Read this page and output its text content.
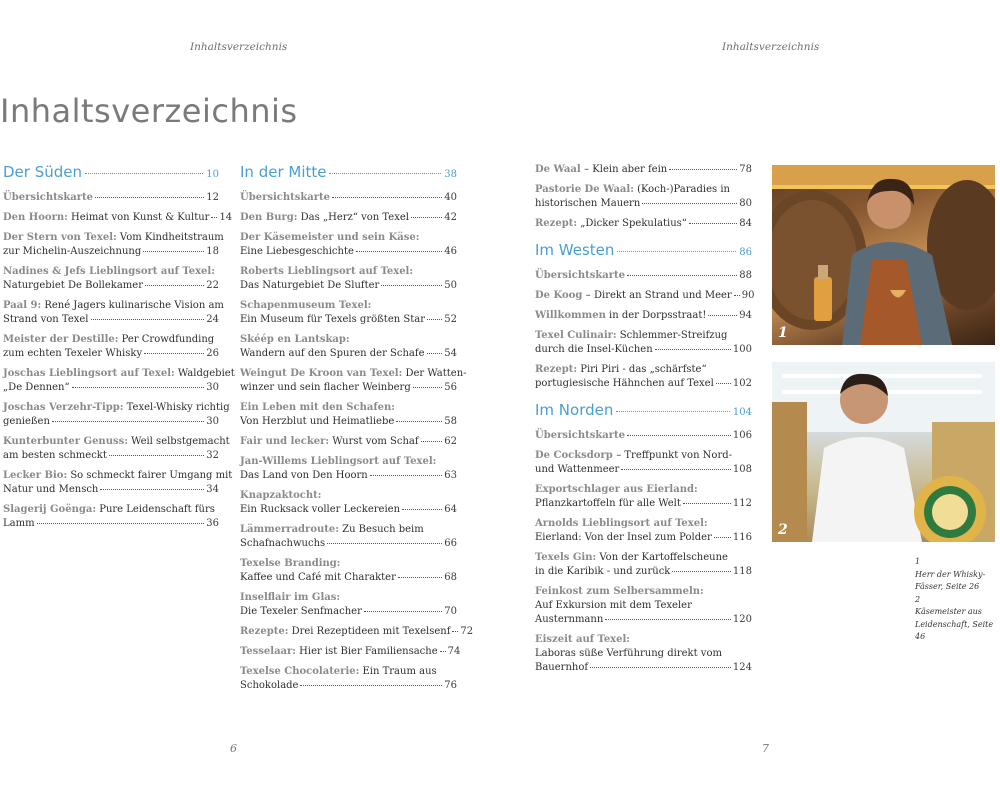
Inhaltsverzeichnis	Inhaltsverzeichnis
Inhaltsverzeichnis
Der Süden	10
Übersichtskarte	12
Den Hoorn: Heimat von Kunst & Kultur 14
Der Stern von Texel: Vom Kindheitstraum
zur Michelin-Auszeichnung	18
Nadines & Jefs Lieblingsort auf Texel:
Naturgebiet De Bollekamer	22
Paal 9: René Jagers kulinarische Vision am
Strand von Texel	24
Meister der Destille: Per Crowdfunding
zum echten Texeler Whisky	26
Joschas Lieblingsort auf Texel: Waldgebiet
„De Dennen“	30
Joschas Verzehr-Tipp: Texel-Whisky richtig
genießen	30
Kunterbunter Genuss: Weil selbstgemacht
am besten schmeckt	32
Lecker Bio: So schmeckt fairer Umgang mit
Natur und Mensch	34
Slagerij Goënga: Pure Leidenschaft fürs
Lamm	36
In der Mitte	38
Übersichtskarte	40
Den Burg: Das „Herz“ von Texel	42
Der Käsemeister und sein Käse:
Eine Liebesgeschichte	46
Roberts Lieblingsort auf Texel:
Das Naturgebiet De Slufter	50
Schapenmuseum Texel:
Ein Museum für Texels größten Star 52
Skéép en Lantskap:
Wandern auf den Spuren der Schafe 54
Weingut De Kroon van Texel: Der Watten-
winzer und sein flacher Weinberg	56
Ein Leben mit den Schafen:
Von Herzblut und Heimatliebe	58
Fair und lecker: Wurst vom Schaf	62
Jan-Willems Lieblingsort auf Texel:
Das Land von Den Hoorn	63
Knapzaktocht:
Ein Rucksack voller Leckereien	64
Lämmerradroute: Zu Besuch beim
Schafnachwuchs	66
Texelse Branding:
Kaffee und Café mit Charakter	68
Inselflair im Glas:
Die Texeler Senfmacher	70
Rezepte: Drei Rezeptideen mit Texelsenf 72
Tesselaar: Hier ist Bier Familiensache 74
Texelse Chocolaterie: Ein Traum aus
Schokolade	76
De Waal – Klein aber fein	78
Pastorie De Waal: (Koch-)Paradies in
historischen Mauern	80
Rezept: „Dicker Spekulatius“	84
Im Westen	86
Übersichtskarte	88
De Koog – Direkt an Strand und Meer 90
Willkommen in der Dorpsstraat!	94
Texel Culinair: Schlemmer-Streifzug
durch die Insel-Küchen	100
Rezept: Piri Piri - das „schärfste“
portugiesische Hähnchen auf Texel 102
Im Norden	104
Übersichtskarte	106
De Cocksdorp – Treffpunkt von Nord-
und Wattenmeer	108
Exportschlager aus Eierland:
Pflanzkartoffeln für alle Welt	112
Arnolds Lieblingsort auf Texel:
Eierland: Von der Insel zum Polder 116
Texels Gin: Von der Kartoffelscheune
in die Karibik - und zurück	118
Feinkost zum Selbersammeln:
Auf Exkursion mit dem Texeler
Austernmann	120
Eiszeit auf Texel:
Laboras süße Verführung direkt vom
Bauernhof	124
1
2
1
Herr der Whisky-
Fässer, Seite 26
2
Käsemeister aus
Leidenschaft, Seite 46
6	7
